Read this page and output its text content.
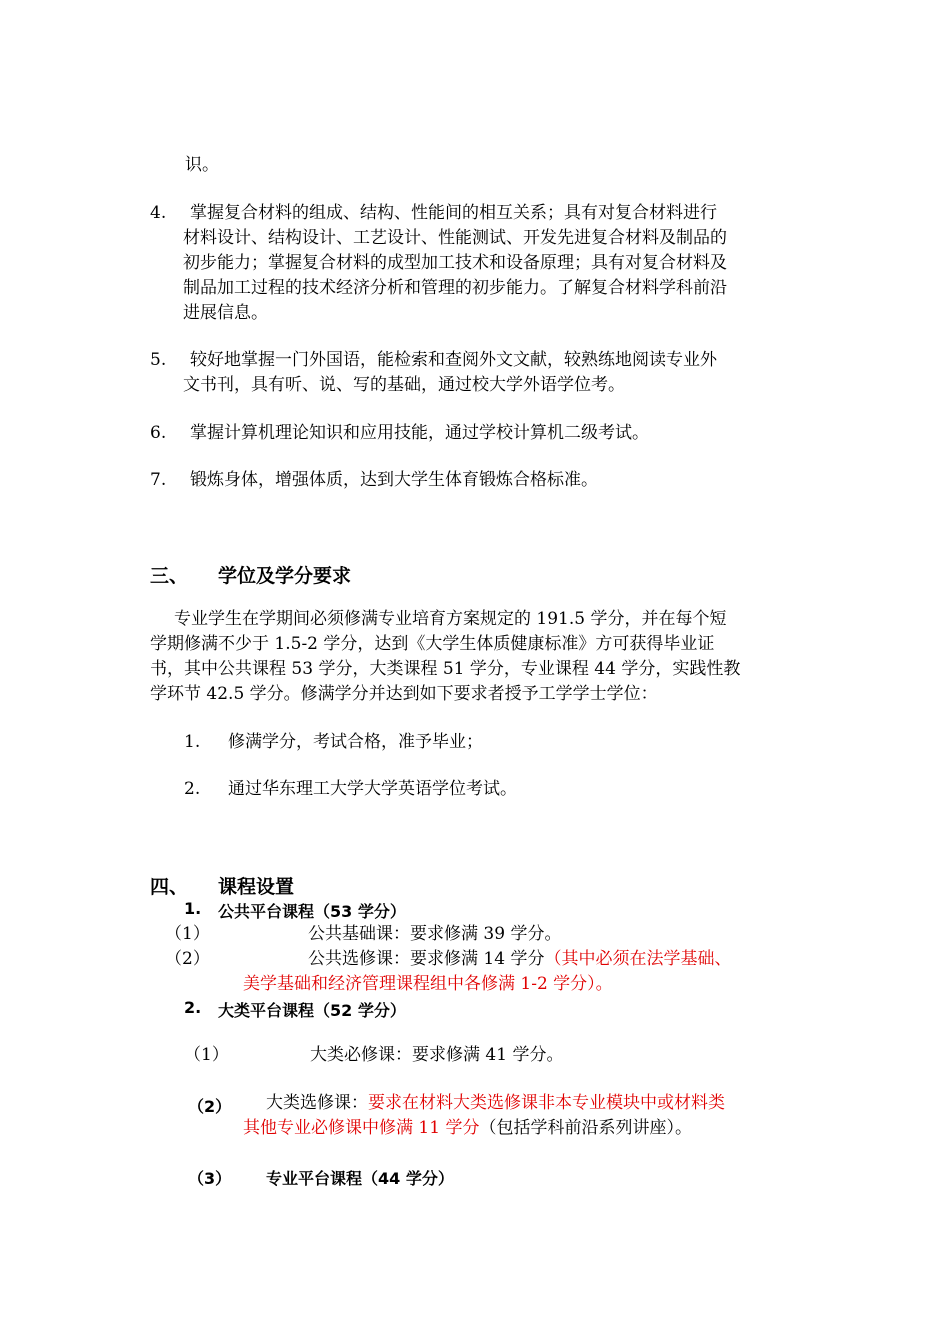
识。
4. 掌握复合材料的组成、结构、性能间的相互关系；具有对复合材料进行
材料设计、结构设计、工艺设计、性能测试、开发先进复合材料及制品的
初步能力；掌握复合材料的成型加工技术和设备原理；具有对复合材料及
制品加工过程的技术经济分析和管理的初步能力。了解复合材料学科前沿
进展信息。
5. 较好地掌握一门外国语，能检索和查阅外文文献，较熟练地阅读专业外
文书刊，具有听、说、写的基础，通过校大学外语学位考。
6. 掌握计算机理论知识和应用技能，通过学校计算机二级考试。
7. 锻炼身体，增强体质，达到大学生体育锻炼合格标准。
三、 学位及学分要求
专业学生在学期间必须修满专业培育方案规定的 191.5 学分，并在每个短
学期修满不少于 1.5-2 学分，达到《大学生体质健康标准》方可获得毕业证
书，其中公共课程 53 学分，大类课程 51 学分，专业课程 44 学分，实践性教
学环节 42.5 学分。修满学分并达到如下要求者授予工学学士学位：
1. 修满学分，考试合格，准予毕业；
2. 通过华东理工大学大学英语学位考试。
四、 课程设置
1. 公共平台课程（53 学分）
（1）	公共基础课：要求修满 39 学分。
（2）	公共选修课：要求修满 14 学分（其中必须在法学基础、
美学基础和经济管理课程组中各修满 1-2 学分）。
2. 大类平台课程（52 学分）
（1）	大类必修课：要求修满 41 学分。
（2） 大类选修课：要求在材料大类选修课非本专业模块中或材料类
其他专业必修课中修满 11 学分（包括学科前沿系列讲座）。
（3） 专业平台课程（44 学分）
